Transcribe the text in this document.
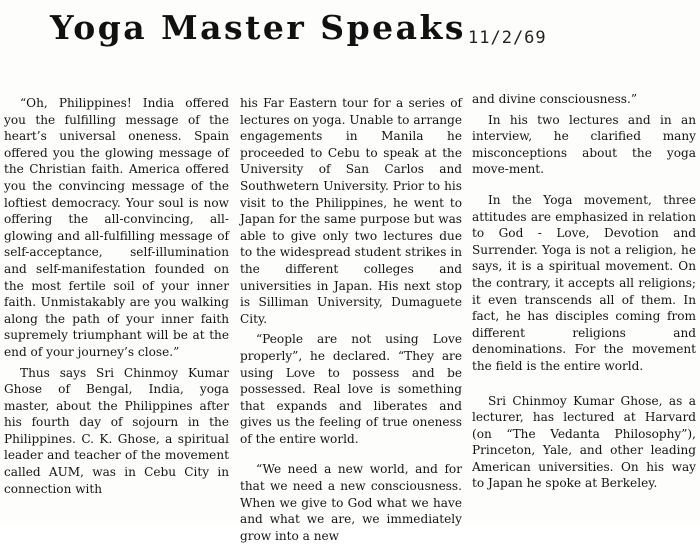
Yoga Master Speaks 11/2/69

“Oh, Philippines! India offered you the fulfilling message of the heart’s universal oneness. Spain offered you the glowing message of the Christian faith. America offered you the convincing message of the loftiest democracy. Your soul is now offering the all-convincing, all-glowing and all-fulfilling message of self-acceptance, self-illumination and self-manifestation founded on the most fertile soil of your inner faith. Unmistakably are you walking along the path of your inner faith supremely triumphant will be at the end of your journey’s close.”

Thus says Sri Chinmoy Kumar Ghose of Bengal, India, yoga master, about the Philippines after his fourth day of sojourn in the Philippines. C. K. Ghose, a spiritual leader and teacher of the movement called AUM, was in Cebu City in connection with

his Far Eastern tour for a series of lectures on yoga. Unable to arrange engagements in Manila he proceeded to Cebu to speak at the University of San Carlos and Southwetern University. Prior to his visit to the Philippines, he went to Japan for the same purpose but was able to give only two lectures due to the widespread student strikes in the different colleges and universities in Japan. His next stop is Silliman University, Dumaguete City.

“People are not using Love properly”, he declared. “They are using Love to possess and be possessed. Real love is something that expands and liberates and gives us the feeling of true oneness of the entire world.

“We need a new world, and for that we need a new consciousness. When we give to God what we have and what we are, we immediately grow into a new

and divine consciousness.”

In his two lectures and in an interview, he clarified many misconceptions about the yoga move-ment.

In the Yoga movement, three attitudes are emphasized in relation to God - Love, Devotion and Surrender. Yoga is not a religion, he says, it is a spiritual movement. On the contrary, it accepts all religions; it even transcends all of them. In fact, he has disciples coming from different religions and denominations. For the movement the field is the entire world.

Sri Chinmoy Kumar Ghose, as a lecturer, has lectured at Harvard (on “The Vedanta Philosophy”), Princeton, Yale, and other leading American universities. On his way to Japan he spoke at Berkeley.
